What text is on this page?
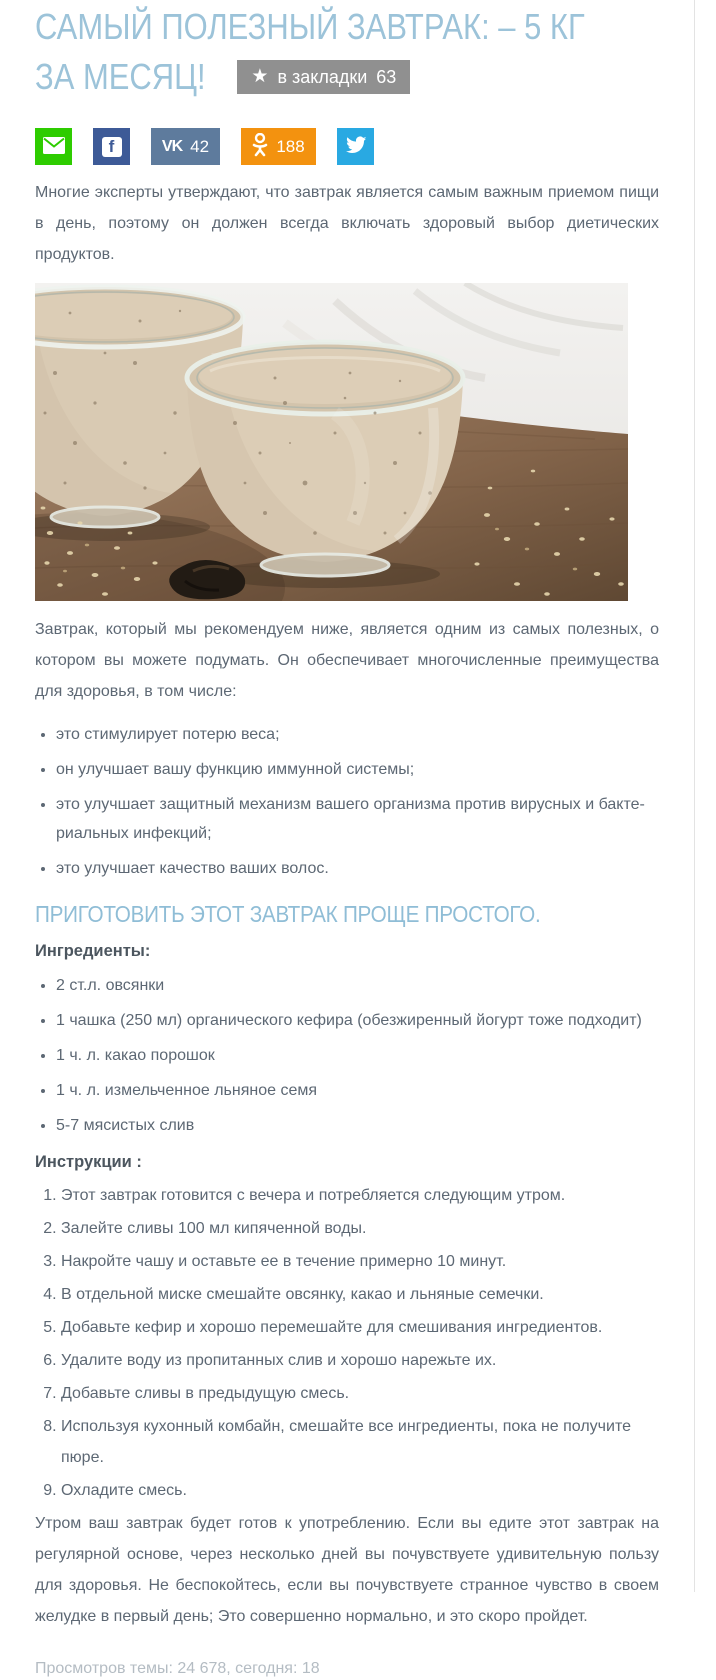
САМЫЙ ПОЛЕЗНЫЙ ЗАВТРАК: – 5 КГ
ЗА МЕСЯЦ! ★ в закладки 63
f	VK 42	188

Многие эксперты утверждают, что завтрак является самым важным приемом пищи в день, поэтому он должен всегда включать здоровый выбор диетических продуктов.

Завтрак, который мы рекомендуем ниже, является одним из самых полезных, о котором вы можете подумать. Он обеспечивает многочисленные преимущества для здоровья, в том числе:

• это стимулирует потерю веса;
• он улучшает вашу функцию иммунной системы;
• это улучшает защитный механизм вашего организма против вирусных и бактериальных инфекций;
• это улучшает качество ваших волос.
ПРИГОТОВИТЬ ЭТОТ ЗАВТРАК ПРОЩЕ ПРОСТОГО.
Ингредиенты:
• 2 ст.л. овсянки
• 1 чашка (250 мл) органического кефира (обезжиренный йогурт тоже подходит)
• 1 ч. л. какао порошок
• 1 ч. л. измельченное льняное семя
• 5-7 мясистых слив
Инструкции :
1. Этот завтрак готовится с вечера и потребляется следующим утром.
2. Залейте сливы 100 мл кипяченной воды.
3. Накройте чашу и оставьте ее в течение примерно 10 минут.
4. В отдельной миске смешайте овсянку, какао и льняные семечки.
5. Добавьте кефир и хорошо перемешайте для смешивания ингредиентов.
6. Удалите воду из пропитанных слив и хорошо нарежьте их.
7. Добавьте сливы в предыдущую смесь.
8. Используя кухонный комбайн, смешайте все ингредиенты, пока не получите пюре.
9. Охладите смесь.

Утром ваш завтрак будет готов к употреблению. Если вы едите этот завтрак на регулярной основе, через несколько дней вы почувствуете удивительную пользу для здоровья. Не беспокойтесь, если вы почувствуете странное чувство в своем желудке в первый день; Это совершенно нормально, и это скоро пройдет.

Просмотров темы: 24 678, сегодня: 18
